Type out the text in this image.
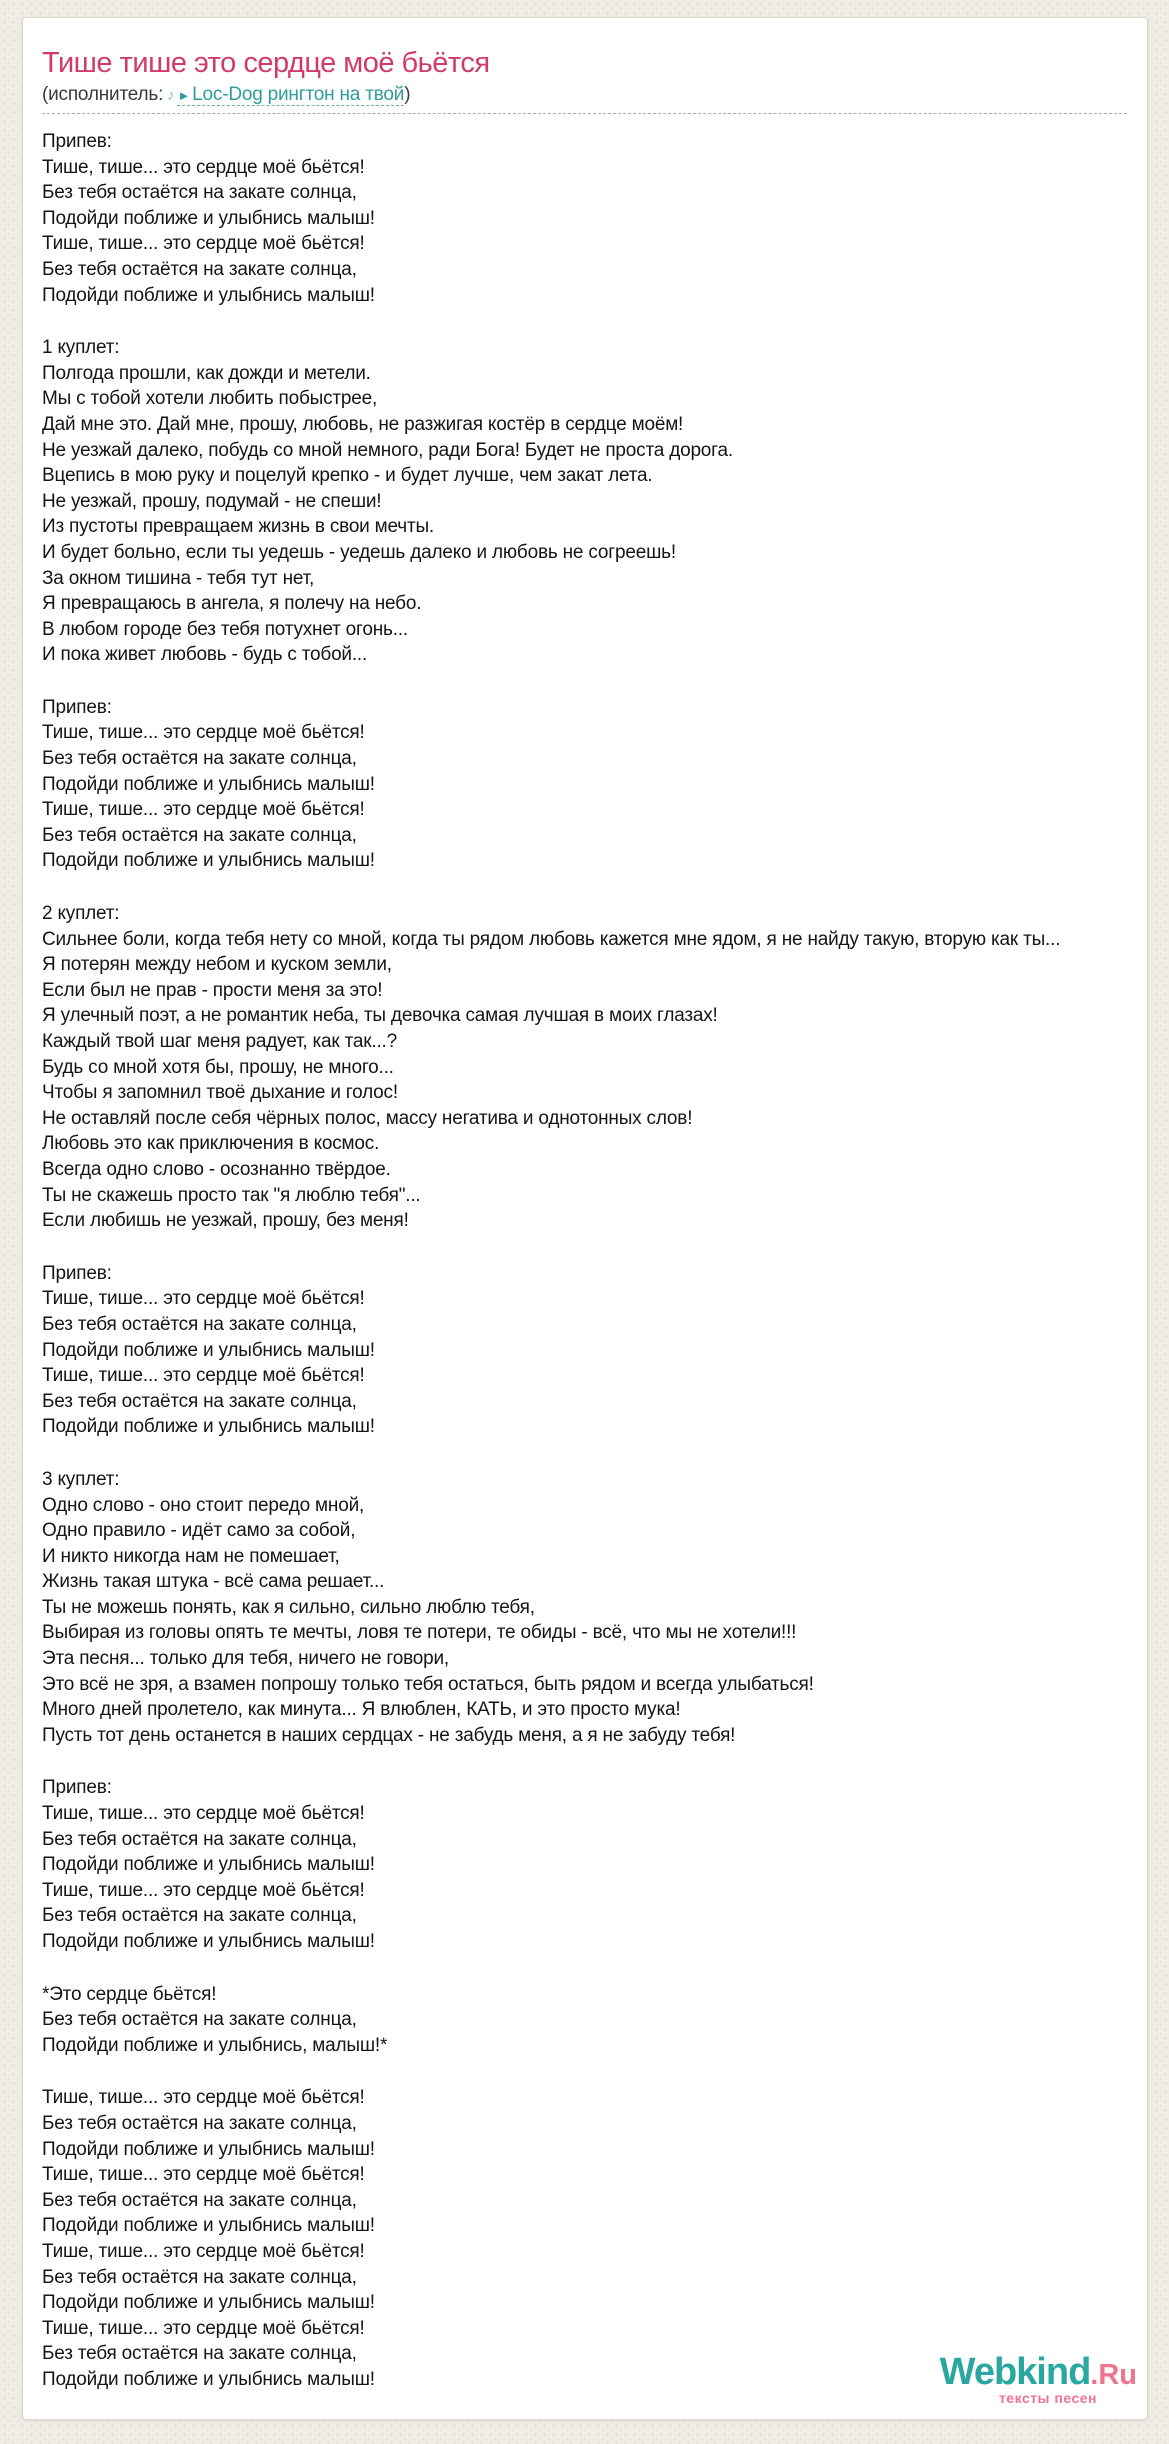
Тише тише это сердце моё бьётся
(исполнитель: ♪ ► Loc-Dog рингтон на твой)
Припев:
Тише, тише... это сердце моё бьётся!
Без тебя остаётся на закате солнца,
Подойди поближе и улыбнись малыш!
Тише, тише... это сердце моё бьётся!
Без тебя остаётся на закате солнца,
Подойди поближе и улыбнись малыш!
1 куплет:
Полгода прошли, как дожди и метели.
Мы с тобой хотели любить побыстрее,
Дай мне это. Дай мне, прошу, любовь, не разжигая костёр в сердце моём!
Не уезжай далеко, побудь со мной немного, ради Бога! Будет не проста дорога.
Вцепись в мою руку и поцелуй крепко - и будет лучше, чем закат лета.
Не уезжай, прошу, подумай - не спеши!
Из пустоты превращаем жизнь в свои мечты.
И будет больно, если ты уедешь - уедешь далеко и любовь не согреешь!
За окном тишина - тебя тут нет,
Я превращаюсь в ангела, я полечу на небо.
В любом городе без тебя потухнет огонь...
И пока живет любовь - будь с тобой...
Припев:
Тише, тише... это сердце моё бьётся!
Без тебя остаётся на закате солнца,
Подойди поближе и улыбнись малыш!
Тише, тише... это сердце моё бьётся!
Без тебя остаётся на закате солнца,
Подойди поближе и улыбнись малыш!
2 куплет:
Сильнее боли, когда тебя нету со мной, когда ты рядом любовь кажется мне ядом, я не найду такую, вторую как ты...
Я потерян между небом и куском земли,
Если был не прав - прости меня за это!
Я улечный поэт, а не романтик неба, ты девочка самая лучшая в моих глазах!
Каждый твой шаг меня радует, как так...?
Будь со мной хотя бы, прошу, не много...
Чтобы я запомнил твоё дыхание и голос!
Не оставляй после себя чёрных полос, массу негатива и однотонных слов!
Любовь это как приключения в космос.
Всегда одно слово - осознанно твёрдое.
Ты не скажешь просто так "я люблю тебя"...
Если любишь не уезжай, прошу, без меня!
Припев:
Тише, тише... это сердце моё бьётся!
Без тебя остаётся на закате солнца,
Подойди поближе и улыбнись малыш!
Тише, тише... это сердце моё бьётся!
Без тебя остаётся на закате солнца,
Подойди поближе и улыбнись малыш!
3 куплет:
Одно слово - оно стоит передо мной,
Одно правило - идёт само за собой,
И никто никогда нам не помешает,
Жизнь такая штука - всё сама решает...
Ты не можешь понять, как я сильно, сильно люблю тебя,
Выбирая из головы опять те мечты, ловя те потери, те обиды - всё, что мы не хотели!!!
Эта песня... только для тебя, ничего не говори,
Это всё не зря, а взамен попрошу только тебя остаться, быть рядом и всегда улыбаться!
Много дней пролетело, как минута... Я влюблен, КАТЬ, и это просто мука!
Пусть тот день останется в наших сердцах - не забудь меня, а я не забуду тебя!
Припев:
Тише, тише... это сердце моё бьётся!
Без тебя остаётся на закате солнца,
Подойди поближе и улыбнись малыш!
Тише, тише... это сердце моё бьётся!
Без тебя остаётся на закате солнца,
Подойди поближе и улыбнись малыш!
*Это сердце бьётся!
Без тебя остаётся на закате солнца,
Подойди поближе и улыбнись, малыш!*
Тише, тише... это сердце моё бьётся!
Без тебя остаётся на закате солнца,
Подойди поближе и улыбнись малыш!
Тише, тише... это сердце моё бьётся!
Без тебя остаётся на закате солнца,
Подойди поближе и улыбнись малыш!
Тише, тише... это сердце моё бьётся!
Без тебя остаётся на закате солнца,
Подойди поближе и улыбнись малыш!
Тише, тише... это сердце моё бьётся!
Без тебя остаётся на закате солнца,
Подойди поближе и улыбнись малыш!	Webkind.Ru
тексты песен
